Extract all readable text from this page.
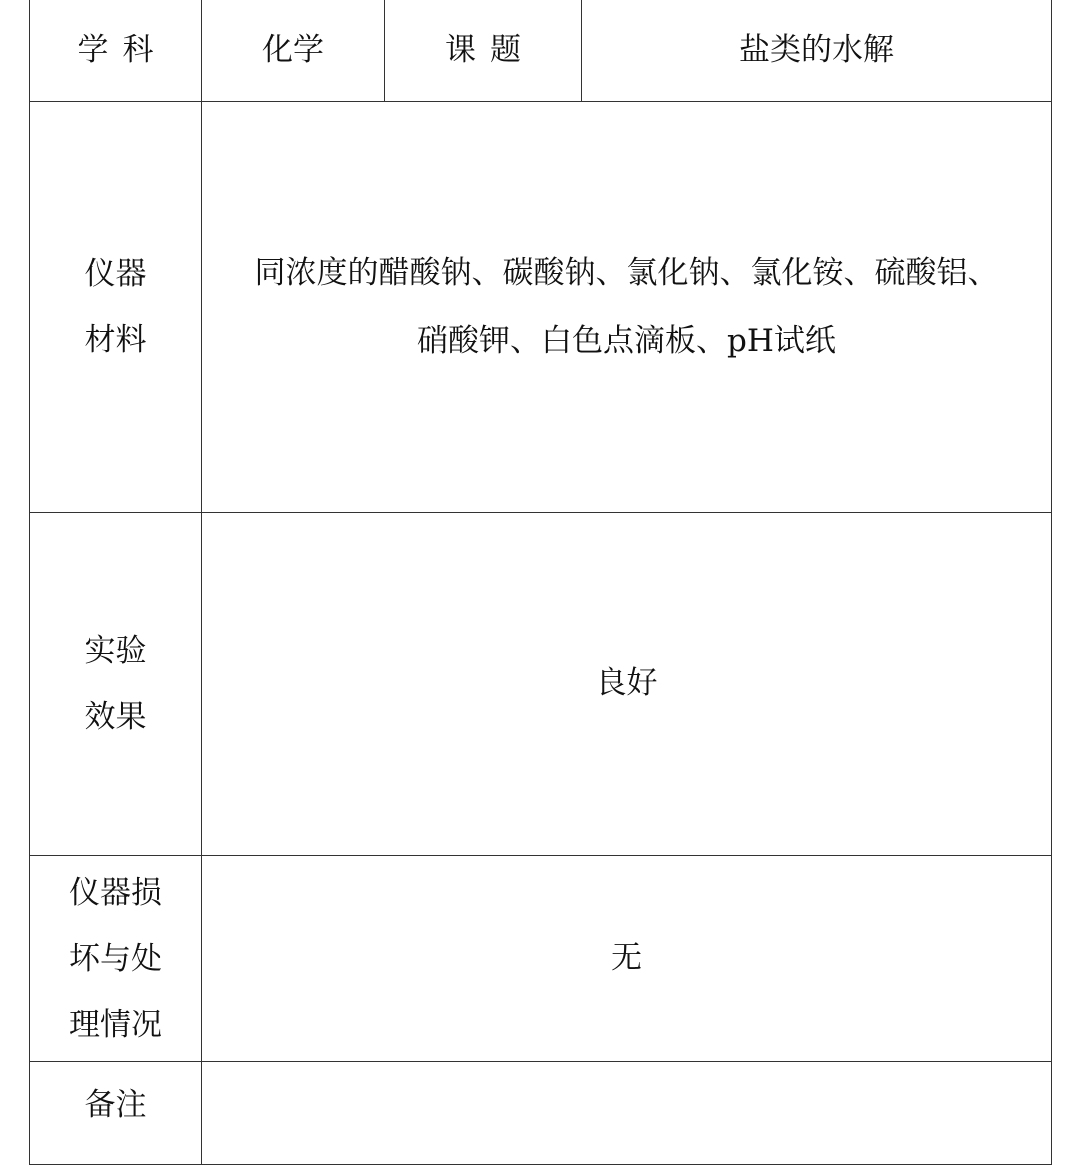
学科	化学	课题	盐类的水解

仪器
材料	同浓度的醋酸钠、碳酸钠、氯化钠、氯化铵、硫酸铝、硝酸钾、白色点滴板、pH试纸		

实验
效果	良好		

仪器损
坏与处
理情况	无		
备注			
